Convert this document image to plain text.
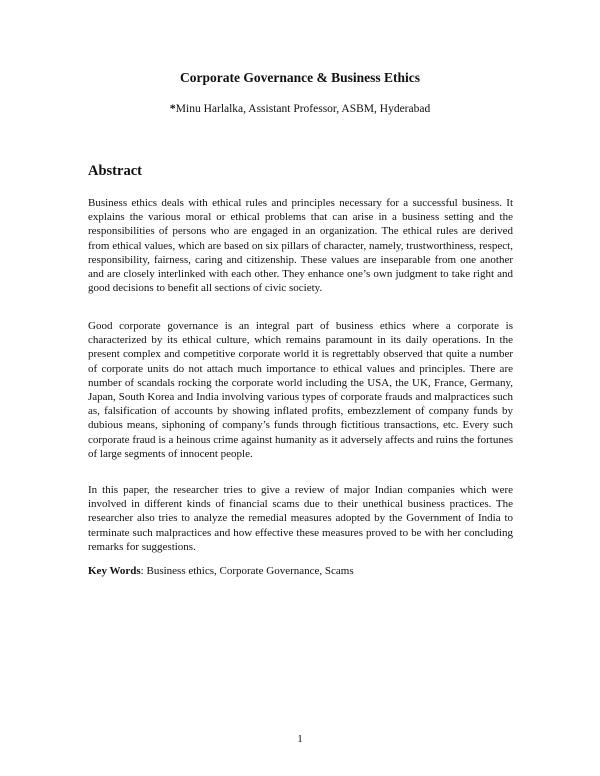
Corporate Governance & Business Ethics

*Minu Harlalka, Assistant Professor, ASBM, Hyderabad

Abstract

Business ethics deals with ethical rules and principles necessary for a successful business. It explains the various moral or ethical problems that can arise in a business setting and the responsibilities of persons who are engaged in an organization. The ethical rules are derived from ethical values, which are based on six pillars of character, namely, trustworthiness, respect, responsibility, fairness, caring and citizenship. These values are inseparable from one another and are closely interlinked with each other. They enhance one’s own judgment to take right and good decisions to benefit all sections of civic society.

Good corporate governance is an integral part of business ethics where a corporate is characterized by its ethical culture, which remains paramount in its daily operations. In the present complex and competitive corporate world it is regrettably observed that quite a number of corporate units do not attach much importance to ethical values and principles. There are number of scandals rocking the corporate world including the USA, the UK, France, Germany, Japan, South Korea and India involving various types of corporate frauds and malpractices such as, falsification of accounts by showing inflated profits, embezzlement of company funds by dubious means, siphoning of company’s funds through fictitious transactions, etc. Every such corporate fraud is a heinous crime against humanity as it adversely affects and ruins the fortunes of large segments of innocent people.

In this paper, the researcher tries to give a review of major Indian companies which were involved in different kinds of financial scams due to their unethical business practices. The researcher also tries to analyze the remedial measures adopted by the Government of India to terminate such malpractices and how effective these measures proved to be with her concluding remarks for suggestions.

Key Words: Business ethics, Corporate Governance, Scams

1
